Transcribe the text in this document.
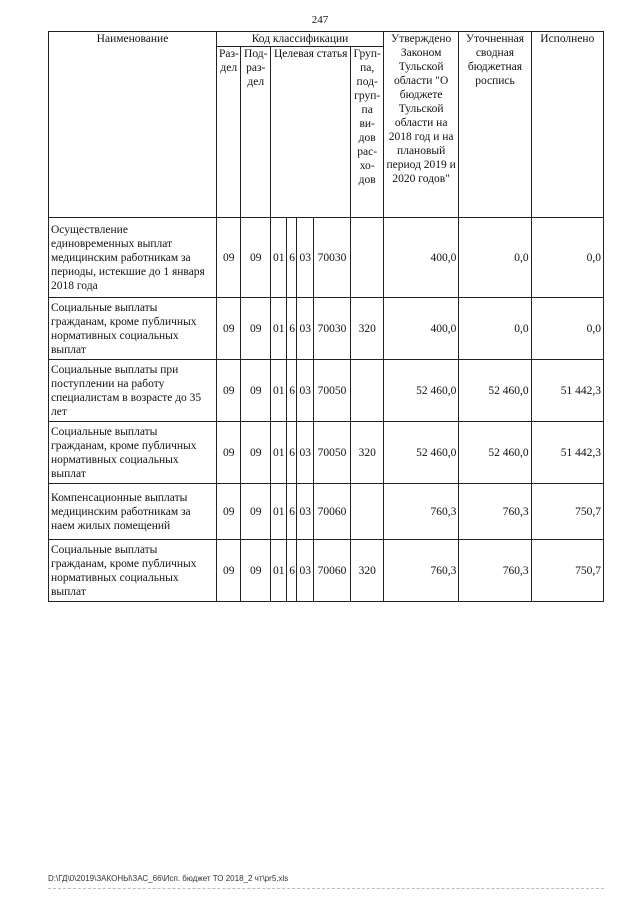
247
Наименование	Код классификации							Утверждено Законом Тульской области "О бюджете Тульской области на 2018 год и на плановый период 2019 и 2020 годов"	Уточненная сводная бюджетная роспись	Исполнено
	Раз-дел	Под-раз-дел	Целевая статья				Груп-па, под-груп-па ви-дов рас-хо-дов			
Осуществление единовременных выплат медицинским работникам за периоды, истекшие до 1 января 2018 года	09	09	01	6	03	70030		400,0	0,0	0,0
Социальные выплаты гражданам, кроме публичных нормативных социальных выплат	09	09	01	6	03	70030	320	400,0	0,0	0,0
Социальные выплаты при поступлении на работу специалистам в возрасте до 35 лет	09	09	01	6	03	70050		52 460,0	52 460,0	51 442,3
Социальные выплаты гражданам, кроме публичных нормативных социальных выплат	09	09	01	6	03	70050	320	52 460,0	52 460,0	51 442,3
Компенсационные выплаты медицинским работникам за наем жилых помещений	09	09	01	6	03	70060		760,3	760,3	750,7
Социальные выплаты гражданам, кроме публичных нормативных социальных выплат	09	09	01	6	03	70060	320	760,3	760,3	750,7
D:\ГД\0\2019\ЗАКОНЫ\ЗАС_66\Исп. бюджет ТО 2018_2 чт\pr5.xls
